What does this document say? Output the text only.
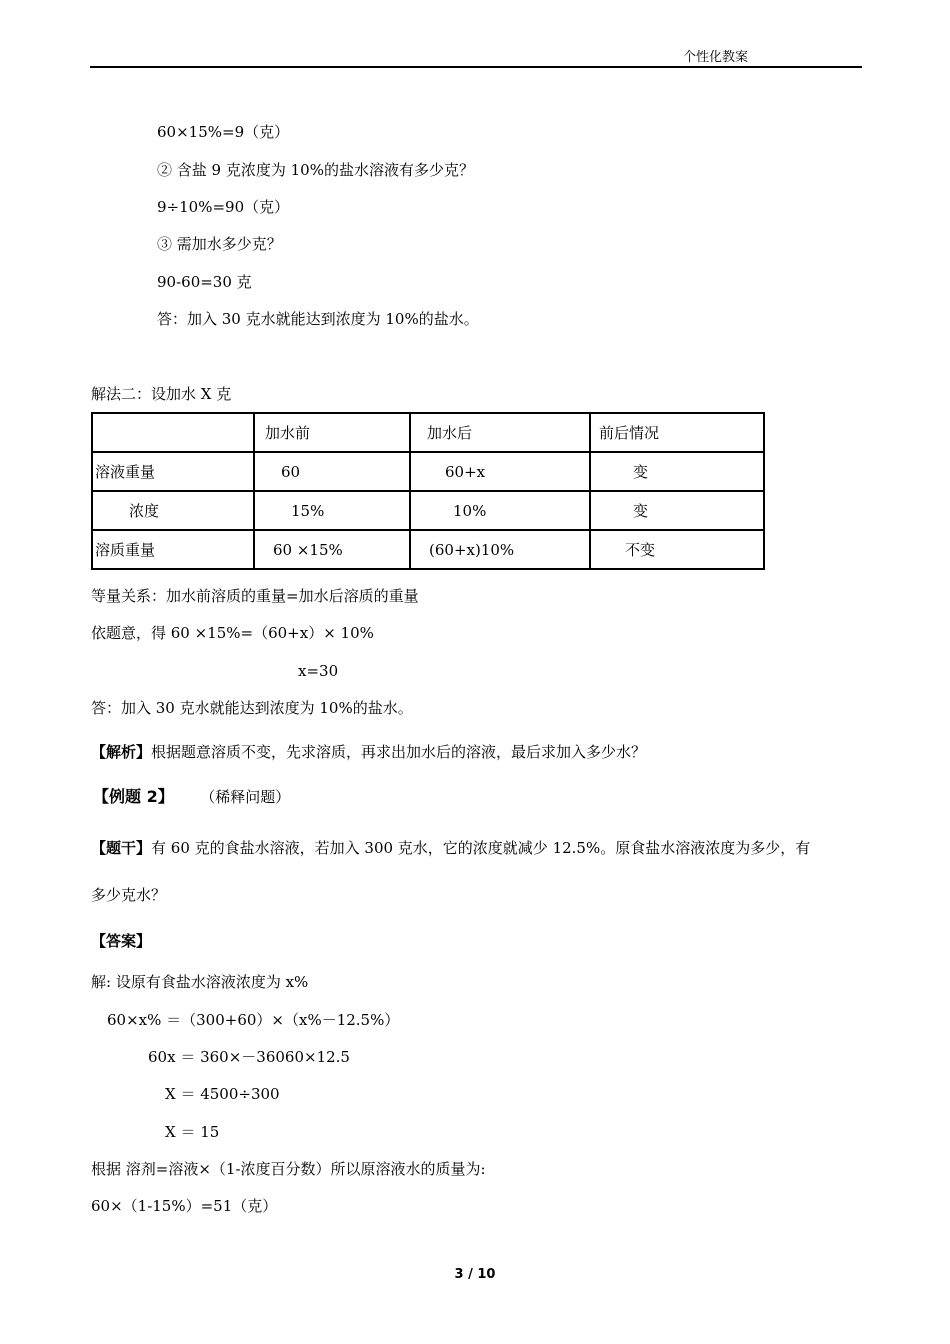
个性化教案
60×15%=9（克）
② 含盐 9 克浓度为 10%的盐水溶液有多少克？
9÷10%=90（克）
③ 需加水多少克？
90-60=30 克
答：加入 30 克水就能达到浓度为 10%的盐水。
解法二：设加水 X 克
	加水前	加水后	前后情况
溶液重量	60	60+x	变
浓度	15%	10%	变
溶质重量	60 ×15%	(60+x)10%	不变
等量关系：加水前溶质的重量=加水后溶质的重量
依题意，得 60 ×15%=（60+x）× 10%
x=30
答：加入 30 克水就能达到浓度为 10%的盐水。
【解析】根据题意溶质不变，先求溶质，再求出加水后的溶液，最后求加入多少水？
【例题 2】 （稀释问题）
【题干】有 60 克的食盐水溶液，若加入 300 克水，它的浓度就减少 12.5%。原食盐水溶液浓度为多少，有
多少克水？
【答案】
解: 设原有食盐水溶液浓度为 x%
60×x% ＝（300+60）×（x%－12.5%）
60x ＝ 360×－36060×12.5
X ＝ 4500÷300
X ＝ 15
根据 溶剂=溶液×（1-浓度百分数）所以原溶液水的质量为:
60×（1-15%）=51（克）
3 / 10
